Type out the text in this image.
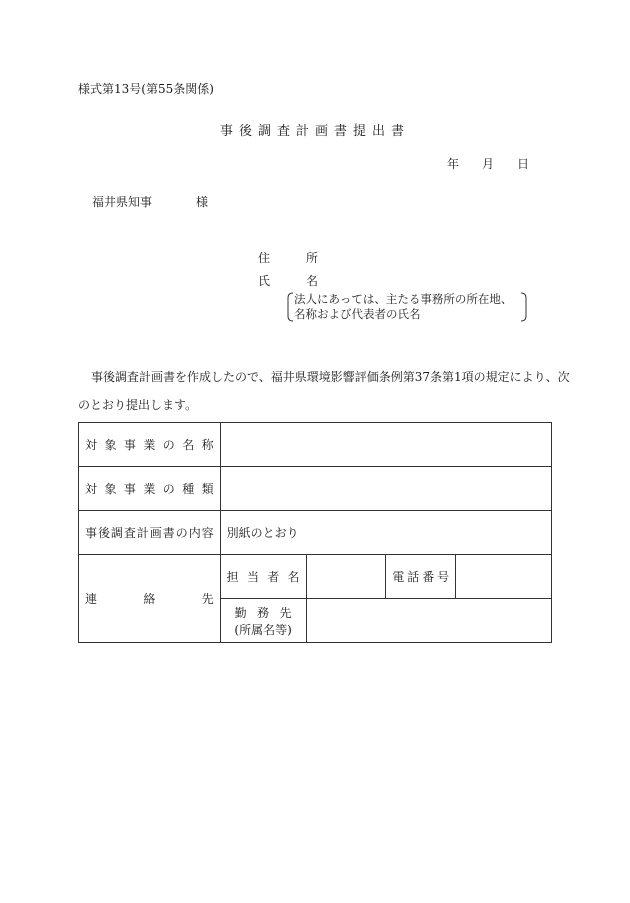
様式第13号(第55条関係)
事後調査計画書提出書
年 月 日
福井県知事	様
住　所
氏　名
法人にあっては、主たる事務所の所在地、
名称および代表者の氏名
事後調査計画書を作成したので、福井県環境影響評価条例第37条第1項の規定により、次
のとおり提出します。
対象事業の名称				

対象事業の種類				

事後調査計画書の内容	別紙のとおり			

連絡先	担当者名		電話番号	

	勤務先
(所属名等)			
